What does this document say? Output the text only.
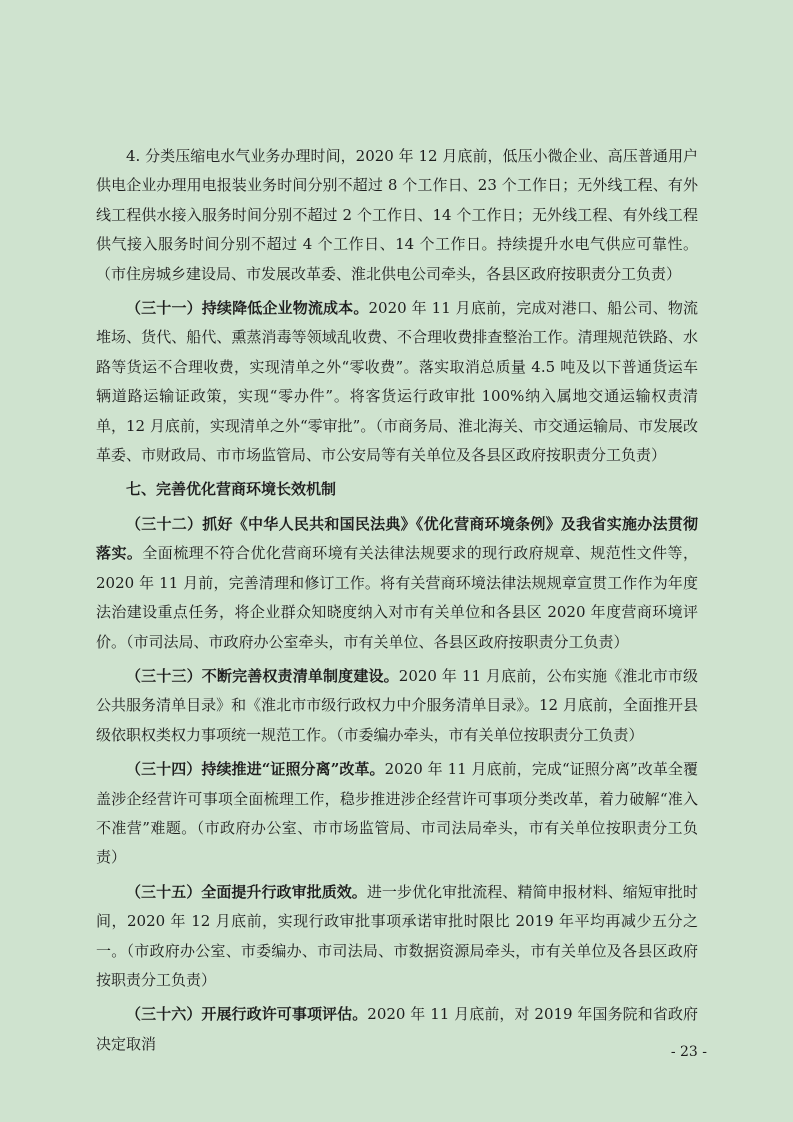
4. 分类压缩电水气业务办理时间，2020 年 12 月底前，低压小微企业、高压普通用户供电企业办理用电报装业务时间分别不超过 8 个工作日、23 个工作日；无外线工程、有外线工程供水接入服务时间分别不超过 2 个工作日、14 个工作日；无外线工程、有外线工程供气接入服务时间分别不超过 4 个工作日、14 个工作日。持续提升水电气供应可靠性。（市住房城乡建设局、市发展改革委、淮北供电公司牵头，各县区政府按职责分工负责）

（三十一）持续降低企业物流成本。2020 年 11 月底前，完成对港口、船公司、物流堆场、货代、船代、熏蒸消毒等领域乱收费、不合理收费排查整治工作。清理规范铁路、水路等货运不合理收费，实现清单之外“零收费”。落实取消总质量 4.5 吨及以下普通货运车辆道路运输证政策，实现“零办件”。将客货运行政审批 100%纳入属地交通运输权责清单，12 月底前，实现清单之外“零审批”。（市商务局、淮北海关、市交通运输局、市发展改革委、市财政局、市市场监管局、市公安局等有关单位及各县区政府按职责分工负责）

七、完善优化营商环境长效机制

（三十二）抓好《中华人民共和国民法典》《优化营商环境条例》及我省实施办法贯彻落实。全面梳理不符合优化营商环境有关法律法规要求的现行政府规章、规范性文件等，2020 年 11 月前，完善清理和修订工作。将有关营商环境法律法规规章宣贯工作作为年度法治建设重点任务，将企业群众知晓度纳入对市有关单位和各县区 2020 年度营商环境评价。（市司法局、市政府办公室牵头，市有关单位、各县区政府按职责分工负责）

（三十三）不断完善权责清单制度建设。2020 年 11 月底前，公布实施《淮北市市级公共服务清单目录》和《淮北市市级行政权力中介服务清单目录》。12 月底前，全面推开县级依职权类权力事项统一规范工作。（市委编办牵头，市有关单位按职责分工负责）

（三十四）持续推进“证照分离”改革。2020 年 11 月底前，完成“证照分离”改革全覆盖涉企经营许可事项全面梳理工作，稳步推进涉企经营许可事项分类改革，着力破解“准入不准营”难题。（市政府办公室、市市场监管局、市司法局牵头，市有关单位按职责分工负责）

（三十五）全面提升行政审批质效。进一步优化审批流程、精简申报材料、缩短审批时间，2020 年 12 月底前，实现行政审批事项承诺审批时限比 2019 年平均再减少五分之一。（市政府办公室、市委编办、市司法局、市数据资源局牵头，市有关单位及各县区政府按职责分工负责）

（三十六）开展行政许可事项评估。2020 年 11 月底前，对 2019 年国务院和省政府决定取消	- 23 -
